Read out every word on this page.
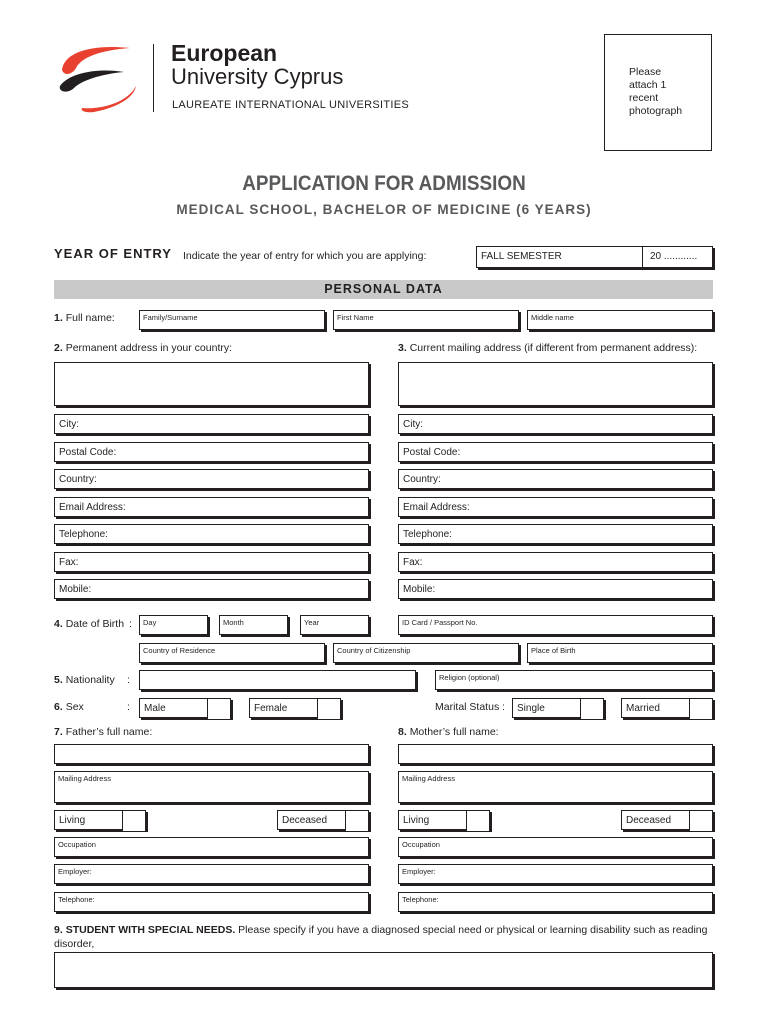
European
University Cyprus
LAUREATE INTERNATIONAL UNIVERSITIES
Please
attach 1
recent
photograph
APPLICATION FOR ADMISSION
MEDICAL SCHOOL, BACHELOR OF MEDICINE (6 YEARS)
YEAR OF ENTRY Indicate the year of entry for which you are applying:	FALL SEMESTER	20 ............
PERSONAL DATA
1. Full name:	Family/Surname	First Name	Middle name
2. Permanent address in your country:	3. Current mailing address (if different from permanent address):
City:
Postal Code:
Country:
Email Address:
Telephone:
Fax:
Mobile:
City:
Postal Code:
Country:
Email Address:
Telephone:
Fax:
Mobile:
4. Date of Birth : Day	Month	Year	ID Card / Passport No.
Country of Residence	Country of Citizenship	Place of Birth
5. Nationality :	Religion (optional)
6. Sex	: Male	Female	Marital Status : Single	Married
7. Father’s full name:	8. Mother’s full name:
Mailing Address
Living	Deceased
Occupation
Employer:
Telephone:
Mailing Address
Living	Deceased
Occupation
Employer:
Telephone:
9. STUDENT WITH SPECIAL NEEDS. Please specify if you have a diagnosed special need or physical or learning disability such as reading disorder,
